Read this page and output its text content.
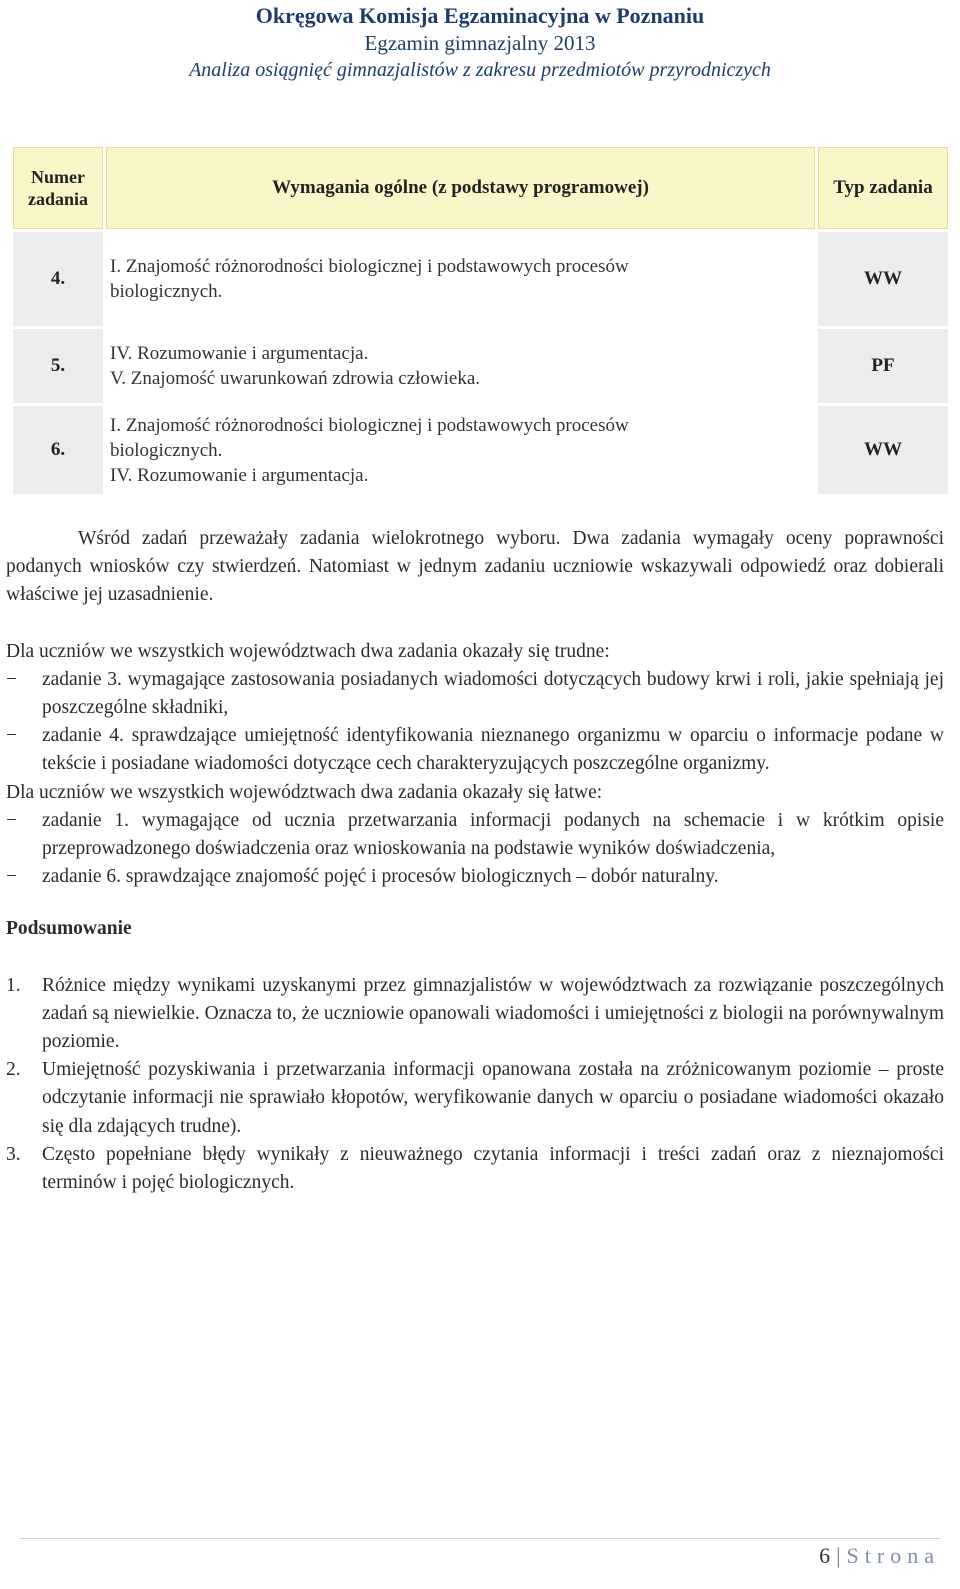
Okręgowa Komisja Egzaminacyjna w Poznaniu
Egzamin gimnazjalny 2013
Analiza osiągnięć gimnazjalistów z zakresu przedmiotów przyrodniczych
Numer
zadania	Wymagania ogólne (z podstawy programowej)	Typ zadania
4.	I. Znajomość różnorodności biologicznej i podstawowych procesów
biologicznych.	WW
5.	IV. Rozumowanie i argumentacja.
V. Znajomość uwarunkowań zdrowia człowieka.	PF
6.	I. Znajomość różnorodności biologicznej i podstawowych procesów
biologicznych.
IV. Rozumowanie i argumentacja.	WW

Wśród zadań przeważały zadania wielokrotnego wyboru. Dwa zadania wymagały oceny poprawności podanych wniosków czy stwierdzeń. Natomiast w jednym zadaniu uczniowie wskazywali odpowiedź oraz dobierali właściwe jej uzasadnienie.

Dla uczniów we wszystkich województwach dwa zadania okazały się trudne:

− zadanie 3. wymagające zastosowania posiadanych wiadomości dotyczących budowy krwi i roli, jakie spełniają jej poszczególne składniki,
− zadanie 4. sprawdzające umiejętność identyfikowania nieznanego organizmu w oparciu o informacje podane w tekście i posiadane wiadomości dotyczące cech charakteryzujących poszczególne organizmy.

Dla uczniów we wszystkich województwach dwa zadania okazały się łatwe:

− zadanie 1. wymagające od ucznia przetwarzania informacji podanych na schemacie i w krótkim opisie przeprowadzonego doświadczenia oraz wnioskowania na podstawie wyników doświadczenia,
− zadanie 6. sprawdzające znajomość pojęć i procesów biologicznych – dobór naturalny.

Podsumowanie

1. Różnice między wynikami uzyskanymi przez gimnazjalistów w województwach za rozwiązanie poszczególnych zadań są niewielkie. Oznacza to, że uczniowie opanowali wiadomości i umiejętności z biologii na porównywalnym poziomie.
2. Umiejętność pozyskiwania i przetwarzania informacji opanowana została na zróżnicowanym poziomie – proste odczytanie informacji nie sprawiało kłopotów, weryfikowanie danych w oparciu o posiadane wiadomości okazało się dla zdających trudne).
3. Często popełniane błędy wynikały z nieuważnego czytania informacji i treści zadań oraz z nieznajomości terminów i pojęć biologicznych.
6 | Strona
